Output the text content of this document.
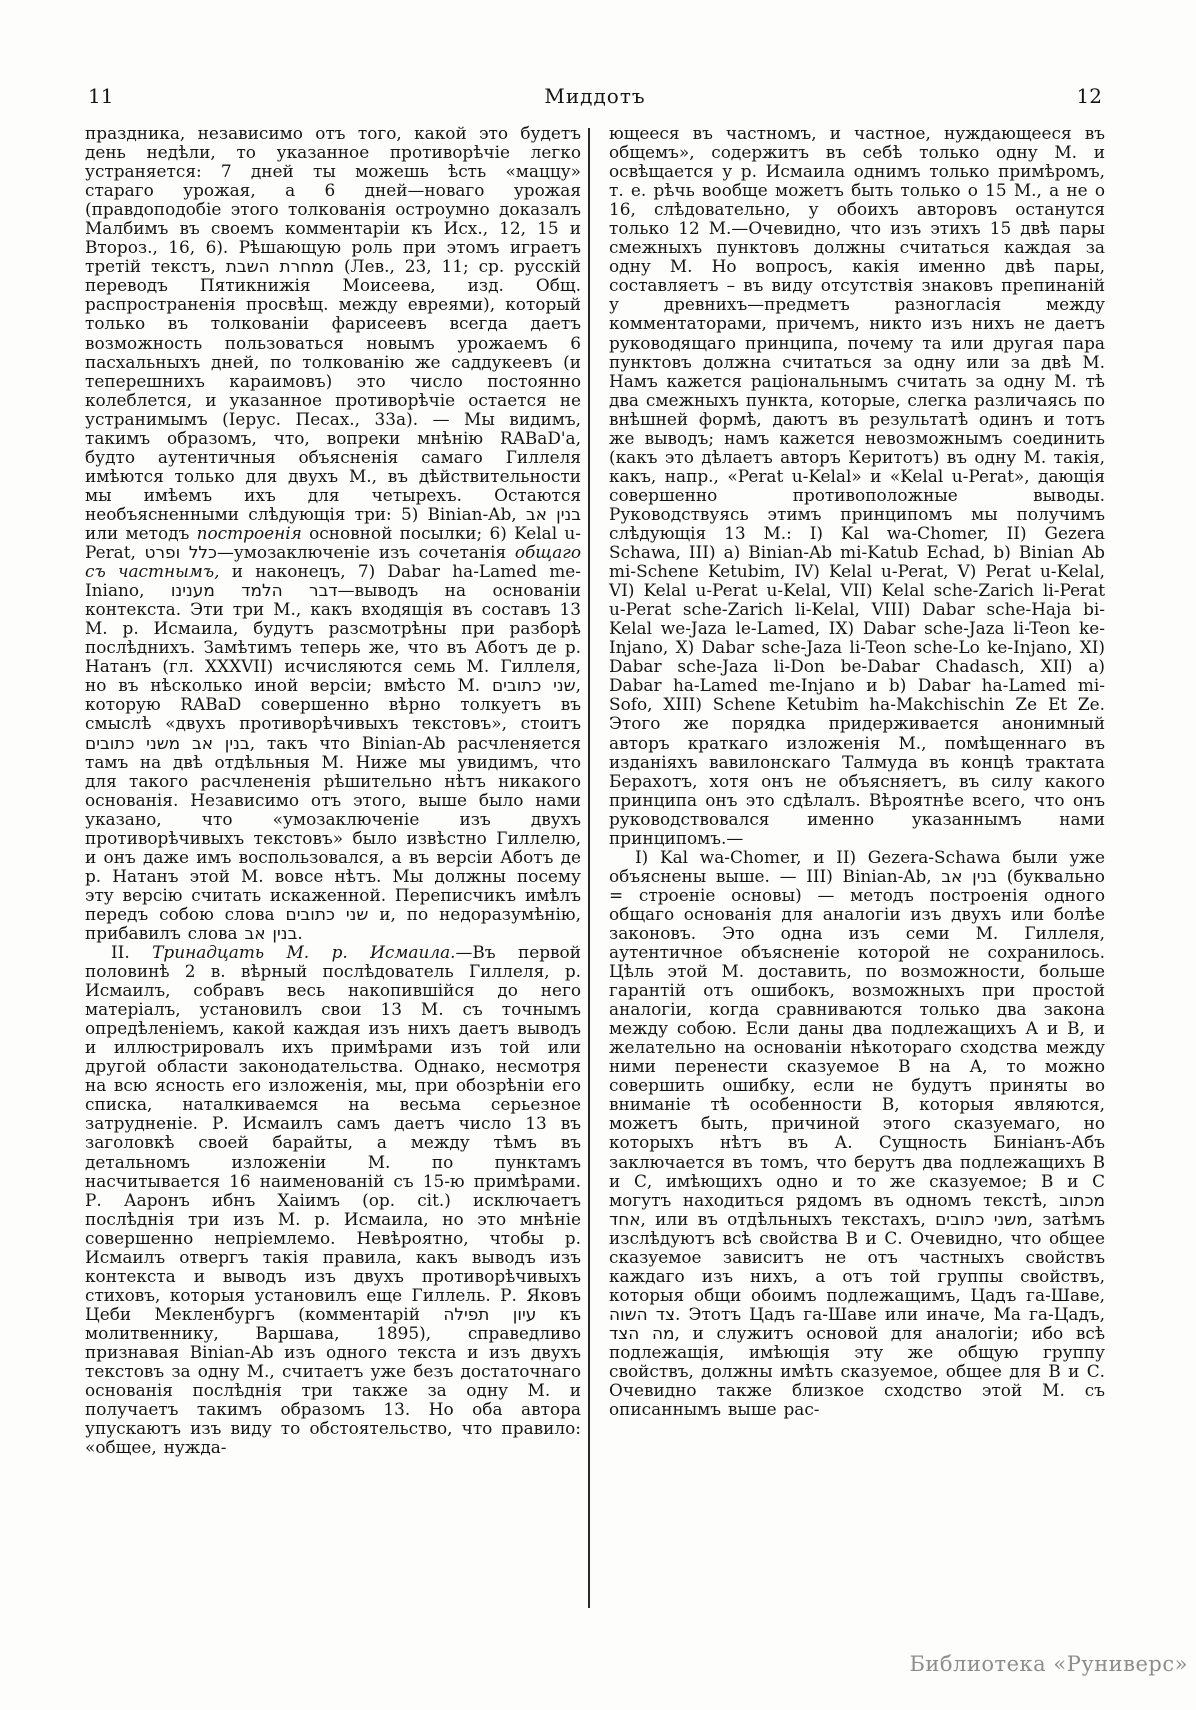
11	Миддотъ	12

праздника, независимо отъ того, какой это будетъ день недѣли, то указанное противорѣчіе легко устраняется: 7 дней ты можешь ѣсть «маццу» стараго урожая, а 6 дней—новаго урожая (правдоподобіе этого толкованія остроумно доказалъ Малбимъ въ своемъ комментаріи къ Исх., 12, 15 и Второз., 16, 6). Рѣшающую роль при этомъ играетъ третій текстъ, ממחרת השבת (Лев., 23, 11; ср. русскій переводъ Пятикнижія Моисеева, изд. Общ. распространенія просвѣщ. между евреями), который только въ толкованіи фарисеевъ всегда даетъ возможность пользоваться новымъ урожаемъ 6 пасхальныхъ дней, по толкованію же саддукеевъ (и теперешнихъ караимовъ) это число постоянно колеблется, и указанное противорѣчіе остается не устранимымъ (Іерус. Песах., 33а). — Мы видимъ, такимъ образомъ, что, вопреки мнѣнію RABaD'а, будто аутентичныя объясненія самаго Гиллеля имѣются только для двухъ М., въ дѣйствительности мы имѣемъ ихъ для четырехъ. Остаются необъясненными слѣдующія три: 5) Binian-Ab, בנין אב или методъ построенія основной посылки; 6) Kelal u- Perat, כלל ופרט—умозаключеніе изъ сочетанія общаго съ частнымъ, и наконецъ, 7) Dabar ha-Lamed me-Iniano, דבר הלמד מענינו—выводъ на основаніи контекста. Эти три М., какъ входящія въ составъ 13 М. р. Исмаила, будутъ разсмотрѣны при разборѣ послѣднихъ. Замѣтимъ теперь же, что въ Аботъ де р. Натанъ (гл. XXXVII) исчисляются семь М. Гиллеля, но въ нѣсколько иной версіи; вмѣсто М. שני כתובים, которую RABaD совершенно вѣрно толкуетъ въ смыслѣ «двухъ противорѣчивыхъ текстовъ», стоитъ בנין אב משני כתובים, такъ что Binian-Ab расчленяется тамъ на двѣ отдѣльныя М. Ниже мы увидимъ, что для такого расчлененія рѣшительно нѣтъ никакого основанія. Независимо отъ этого, выше было нами указано, что «умозаключеніе изъ двухъ противорѣчивыхъ текстовъ» было извѣстно Гиллелю, и онъ даже имъ воспользовался, а въ версіи Аботъ де р. Натанъ этой М. вовсе нѣтъ. Мы должны посему эту версію считать искаженной. Переписчикъ имѣлъ передъ собою слова שני כתובים и, по недоразумѣнію, прибавилъ слова בנין אב.

II. Тринадцать М. р. Исмаила.—Въ первой половинѣ 2 в. вѣрный послѣдователь Гиллеля, р. Исмаилъ, собравъ весь накопившійся до него матеріалъ, установилъ свои 13 М. съ точнымъ опредѣленіемъ, какой каждая изъ нихъ даетъ выводъ и иллюстрировалъ ихъ примѣрами изъ той или другой области законодательства. Однако, несмотря на всю ясность его изложенія, мы, при обозрѣніи его списка, наталкиваемся на весьма серьезное затрудненіе. Р. Исмаилъ самъ даетъ число 13 въ заголовкѣ своей барайты, а между тѣмъ въ детальномъ изложеніи М. по пунктамъ насчитывается 16 наименованій съ 15-ю примѣрами. Р. Ааронъ ибнъ Хаіимъ (op. cit.) исключаетъ послѣднія три изъ М. р. Исмаила, но это мнѣніе совершенно непріемлемо. Невѣроятно, чтобы р. Исмаилъ отвергъ такія правила, какъ выводъ изъ контекста и выводъ изъ двухъ противорѣчивыхъ стиховъ, которыя установилъ еще Гиллель. Р. Яковъ Цеби Мекленбургъ (комментарій עיון תפילה къ молитвеннику, Варшава, 1895), справедливо признавая Binian-Ab изъ одного текста и изъ двухъ текстовъ за одну М., считаетъ уже безъ достаточнаго основанія послѣднія три также за одну М. и получаетъ такимъ образомъ 13. Но оба автора упускаютъ изъ виду то обстоятельство, что правило: «общее, нужда-

ющееся въ частномъ, и частное, нуждающееся въ общемъ», содержитъ въ себѣ только одну М. и освѣщается у р. Исмаила однимъ только примѣромъ, т. е. рѣчь вообще можетъ быть только о 15 М., а не о 16, слѣдовательно, у обоихъ авторовъ останутся только 12 М.—Очевидно, что изъ этихъ 15 двѣ пары смежныхъ пунктовъ должны считаться каждая за одну М. Но вопросъ, какія именно двѣ пары, составляетъ – въ виду отсутствія знаковъ препинаній у древнихъ—предметъ разногласія между комментаторами, причемъ, никто изъ нихъ не даетъ руководящаго принципа, почему та или другая пара пунктовъ должна считаться за одну или за двѣ М. Намъ кажется раціональнымъ считать за одну М. тѣ два смежныхъ пункта, которые, слегка различаясь по внѣшней формѣ, даютъ въ результатѣ одинъ и тотъ же выводъ; намъ кажется невозможнымъ соединить (какъ это дѣлаетъ авторъ Керитотъ) въ одну М. такія, какъ, напр., «Perat u-Kelal» и «Kelal u-Perat», дающія совершенно противоположные выводы. Руководствуясь этимъ принципомъ мы получимъ слѣдующія 13 М.: I) Kal wa-Chomer, II) Gezera Schawa, III) a) Binian-Ab mi-Katub Echad, b) Binian Ab mi-Schene Ketubim, IV) Kelal u-Perat, V) Perat u-Kelal, VI) Kelal u-Perat u-Kelal, VII) Kelal sche-Zarich li-Perat u-Perat sche-Zarich li-Kelal, VIII) Dabar sche-Haja bi-Kelal we-Jaza le-Lamed, IX) Dabar sche-Jaza li-Teon ke-Injano, X) Dabar sche-Jaza li-Teon sche-Lo ke-Injano, XI) Dabar sche-Jaza li-Don be-Dabar Chadasch, XII) a) Dabar ha-Lamed me-Injano и b) Dabar ha-Lamed mi-Sofo, XIII) Schene Ketubim ha-Makchischin Ze Et Ze. Этого же порядка придерживается анонимный авторъ краткаго изложенія М., помѣщеннаго въ изданіяхъ вавилонскаго Талмуда въ концѣ трактата Берахотъ, хотя онъ не объясняетъ, въ силу какого принципа онъ это сдѣлалъ. Вѣроятнѣе всего, что онъ руководствовался именно указаннымъ нами принципомъ.—

I) Kal wa-Chomer, и II) Gezera-Schawa были уже объяснены выше. — III) Binian-Ab, בנין אב (буквально = строеніе основы) — методъ построенія одного общаго основанія для аналогіи изъ двухъ или болѣе законовъ. Это одна изъ семи М. Гиллеля, аутентичное объясненіе которой не сохранилось. Цѣль этой М. доставить, по возможности, больше гарантій отъ ошибокъ, возможныхъ при простой аналогіи, когда сравниваются только два закона между собою. Если даны два подлежащихъ А и В, и желательно на основаніи нѣкотораго сходства между ними перенести сказуемое В на А, то можно совершить ошибку, если не будутъ приняты во вниманіе тѣ особенности В, которыя являются, можетъ быть, причиной этого сказуемаго, но которыхъ нѣтъ въ А. Сущность Биніанъ-Абъ заключается въ томъ, что берутъ два подлежащихъ В и С, имѣющихъ одно и то же сказуемое; В и С могутъ находиться рядомъ въ одномъ текстѣ, מכתוב אחד, или въ отдѣльныхъ текстахъ, משני כתובים, затѣмъ изслѣдуютъ всѣ свойства В и С. Очевидно, что общее сказуемое зависитъ не отъ частныхъ свойствъ каждаго изъ нихъ, а отъ той группы свойствъ, которыя общи обоимъ подлежащимъ, Цадъ га-Шаве, צד השוה. Этотъ Цадъ га-Шаве или иначе, Ма га-Цадъ, מה הצד, и служитъ основой для аналогіи; ибо всѣ подлежащія, имѣющія эту же общую группу свойствъ, должны имѣть сказуемое, общее для В и С. Очевидно также близкое сходство этой М. съ описаннымъ выше рас-

Библиотека «Руниверс»
